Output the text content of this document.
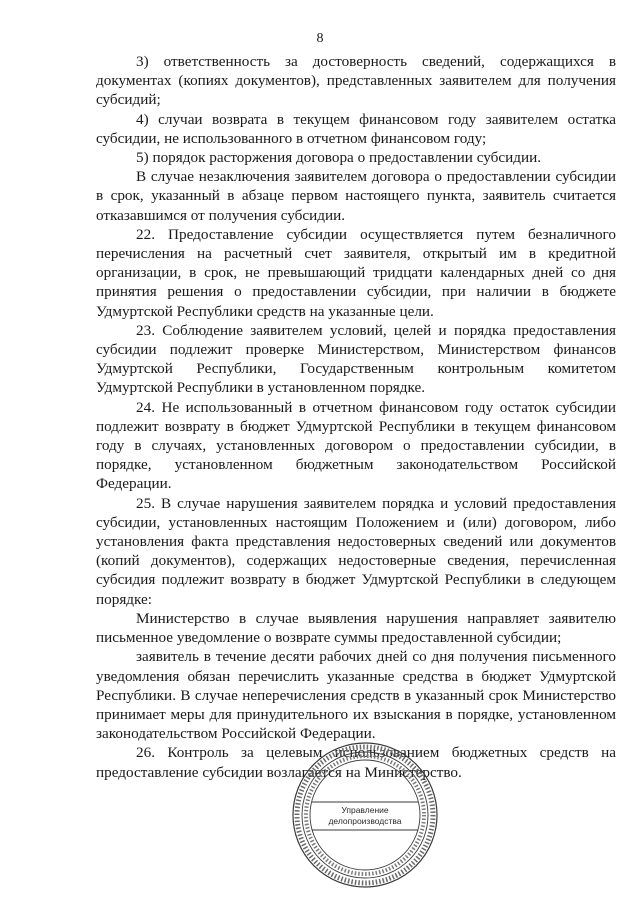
8

3) ответственность за достоверность сведений, содержащихся в документах (копиях документов), представленных заявителем для получения субсидий;

4) случаи возврата в текущем финансовом году заявителем остатка субсидии, не использованного в отчетном финансовом году;

5) порядок расторжения договора о предоставлении субсидии.

В случае незаключения заявителем договора о предоставлении субсидии в срок, указанный в абзаце первом настоящего пункта, заявитель считается отказавшимся от получения субсидии.

22. Предоставление субсидии осуществляется путем безналичного перечисления на расчетный счет заявителя, открытый им в кредитной организации, в срок, не превышающий тридцати календарных дней со дня принятия решения о предоставлении субсидии, при наличии в бюджете Удмуртской Республики средств на указанные цели.

23. Соблюдение заявителем условий, целей и порядка предоставления субсидии подлежит проверке Министерством, Министерством финансов Удмуртской Республики, Государственным контрольным комитетом Удмуртской Республики в установленном порядке.

24. Не использованный в отчетном финансовом году остаток субсидии подлежит возврату в бюджет Удмуртской Республики в текущем финансовом году в случаях, установленных договором о предоставлении субсидии, в порядке, установленном бюджетным законодательством Российской Федерации.

25. В случае нарушения заявителем порядка и условий предоставления субсидии, установленных настоящим Положением и (или) договором, либо установления факта представления недостоверных сведений или документов (копий документов), содержащих недостоверные сведения, перечисленная субсидия подлежит возврату в бюджет Удмуртской Республики в следующем порядке:

Министерство в случае выявления нарушения направляет заявителю письменное уведомление о возврате суммы предоставленной субсидии;

заявитель в течение десяти рабочих дней со дня получения письменного уведомления обязан перечислить указанные средства в бюджет Удмуртской Республики. В случае неперечисления средств в указанный срок Министерство принимает меры для принудительного их взыскания в порядке, установленном законодательством Российской Федерации.

26. Контроль за целевым использованием бюджетных средств на предоставление субсидии возлагается на Министерство.

Управление
делопроизводства
